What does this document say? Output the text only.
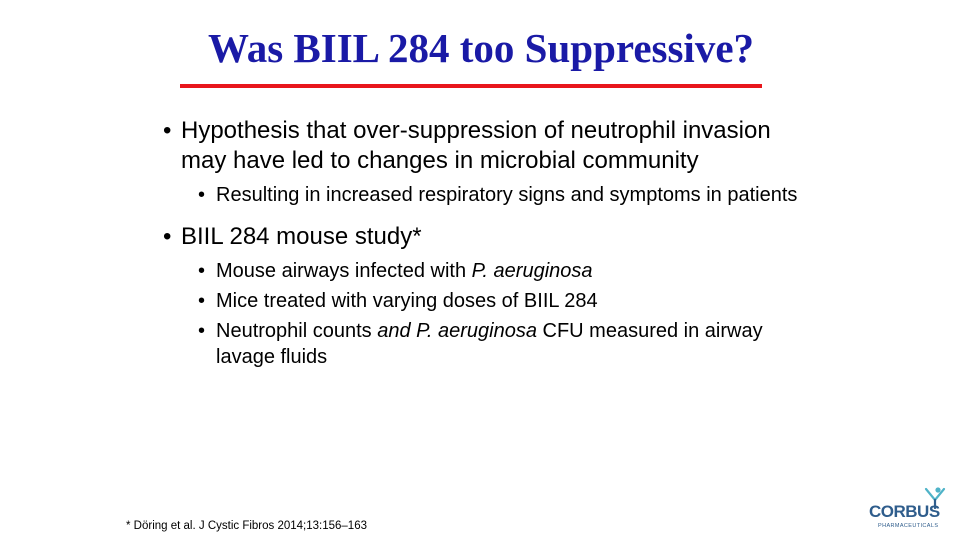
Was BIIL 284 too Suppressive?
• Hypothesis that over-suppression of neutrophil invasion may have led to changes in microbial community
• Resulting in increased respiratory signs and symptoms in patients
• BIIL 284 mouse study*
• Mouse airways infected with P. aeruginosa
• Mice treated with varying doses of BIIL 284
• Neutrophil counts and P. aeruginosa CFU measured in airway lavage fluids
* Döring et al. J Cystic Fibros 2014;13:156–163
CORBUS
PHARMACEUTICALS
